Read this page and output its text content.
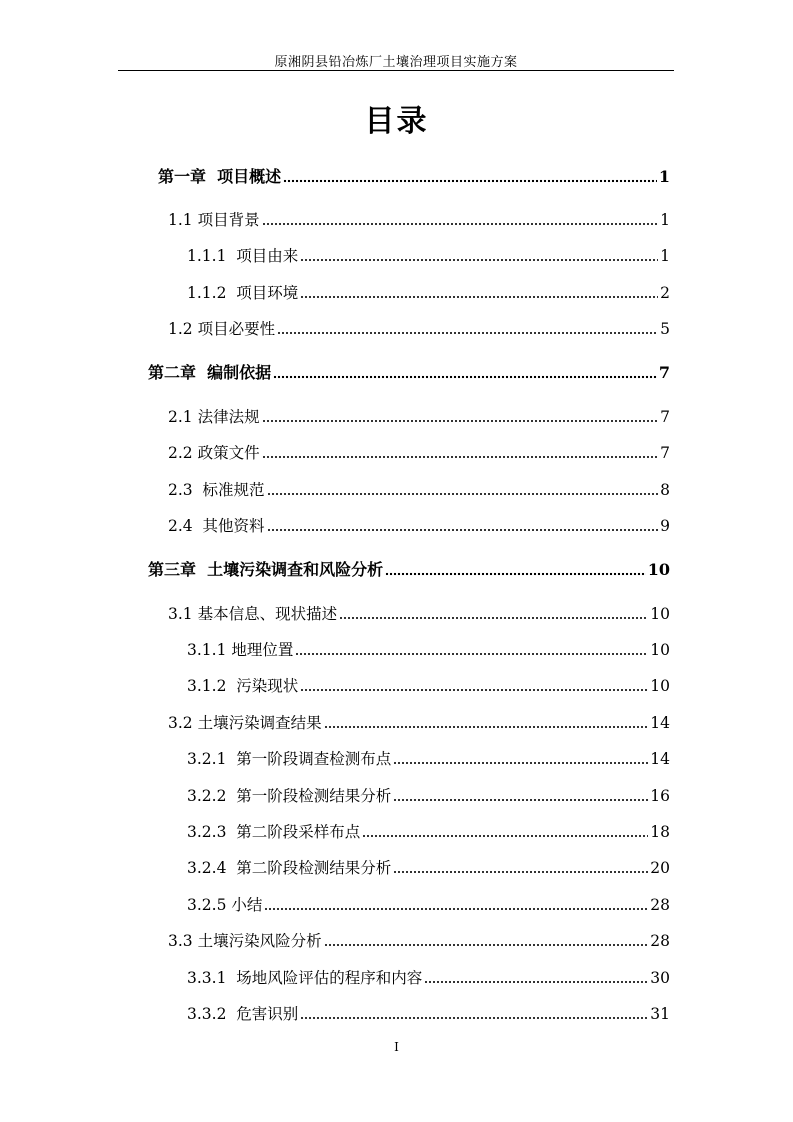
原湘阴县铅冶炼厂土壤治理项目实施方案
目录
第一章  项目概述	1
1.1 项目背景	1
1.1.1  项目由来	1
1.1.2  项目环境	2
1.2 项目必要性	5
第二章  编制依据	7
2.1 法律法规	7
2.2 政策文件	7
2.3  标准规范	8
2.4  其他资料	9
第三章  土壤污染调查和风险分析	10
3.1 基本信息、现状描述	10
3.1.1 地理位置	10
3.1.2  污染现状	10
3.2 土壤污染调查结果	14
3.2.1  第一阶段调查检测布点	14
3.2.2  第一阶段检测结果分析	16
3.2.3  第二阶段采样布点	18
3.2.4  第二阶段检测结果分析	20
3.2.5 小结	28
3.3 土壤污染风险分析	28
3.3.1  场地风险评估的程序和内容	30
3.3.2  危害识别	31
I
